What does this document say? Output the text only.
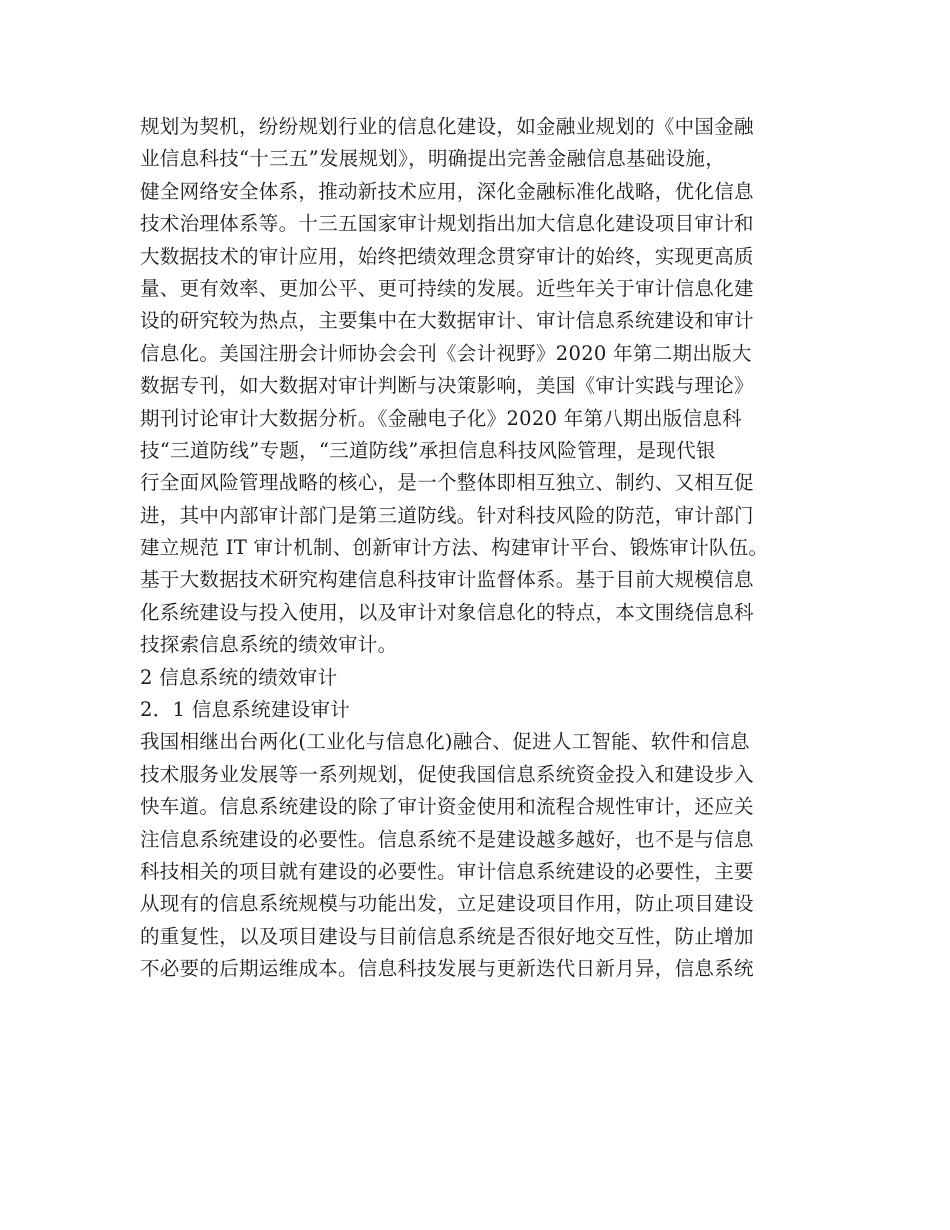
规划为契机，纷纷规划行业的信息化建设，如金融业规划的《中国金融
业信息科技“十三五”发展规划》，明确提出完善金融信息基础设施，
健全网络安全体系，推动新技术应用，深化金融标准化战略，优化信息
技术治理体系等。十三五国家审计规划指出加大信息化建设项目审计和
大数据技术的审计应用，始终把绩效理念贯穿审计的始终，实现更高质
量、更有效率、更加公平、更可持续的发展。近些年关于审计信息化建
设的研究较为热点，主要集中在大数据审计、审计信息系统建设和审计
信息化。美国注册会计师协会会刊《会计视野》2020 年第二期出版大
数据专刊，如大数据对审计判断与决策影响，美国《审计实践与理论》
期刊讨论审计大数据分析。《金融电子化》2020 年第八期出版信息科
技“三道防线”专题，“三道防线”承担信息科技风险管理，是现代银
行全面风险管理战略的核心，是一个整体即相互独立、制约、又相互促
进，其中内部审计部门是第三道防线。针对科技风险的防范，审计部门
建立规范 IT 审计机制、创新审计方法、构建审计平台、锻炼审计队伍。
基于大数据技术研究构建信息科技审计监督体系。基于目前大规模信息
化系统建设与投入使用，以及审计对象信息化的特点，本文围绕信息科
技探索信息系统的绩效审计。
2 信息系统的绩效审计
2．1 信息系统建设审计
我国相继出台两化(工业化与信息化)融合、促进人工智能、软件和信息
技术服务业发展等一系列规划，促使我国信息系统资金投入和建设步入
快车道。信息系统建设的除了审计资金使用和流程合规性审计，还应关
注信息系统建设的必要性。信息系统不是建设越多越好，也不是与信息
科技相关的项目就有建设的必要性。审计信息系统建设的必要性，主要
从现有的信息系统规模与功能出发，立足建设项目作用，防止项目建设
的重复性，以及项目建设与目前信息系统是否很好地交互性，防止增加
不必要的后期运维成本。信息科技发展与更新迭代日新月异，信息系统
